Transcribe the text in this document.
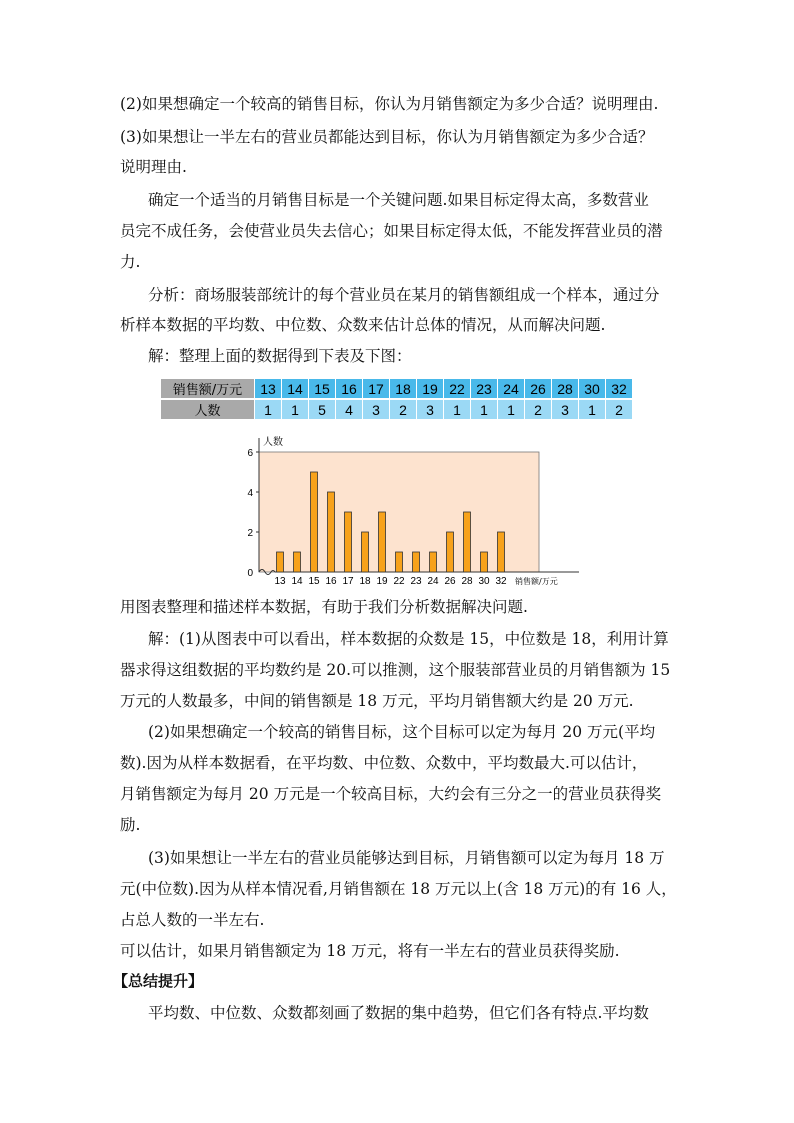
(2)如果想确定一个较高的销售目标，你认为月销售额定为多少合适？说明理由.
(3)如果想让一半左右的营业员都能达到目标，你认为月销售额定为多少合适？
说明理由.
确定一个适当的月销售目标是一个关键问题.如果目标定得太高，多数营业
员完不成任务，会使营业员失去信心；如果目标定得太低，不能发挥营业员的潜
力.
分析：商场服装部统计的每个营业员在某月的销售额组成一个样本，通过分
析样本数据的平均数、中位数、众数来估计总体的情况，从而解决问题.
解：整理上面的数据得到下表及下图：
销售额/万元	13	14	15	16	17	18	19	22	23	24	26	28	30	32
人数	1	1	5	4	3	2	3	1	1	1	2	3	1	2
0
2
4
6
人数
13 14 15 16 17 18 19 22 23 24 26 28 30 32 销售额/万元
用图表整理和描述样本数据，有助于我们分析数据解决问题.
解：(1)从图表中可以看出，样本数据的众数是 15，中位数是 18，利用计算
器求得这组数据的平均数约是 20.可以推测，这个服装部营业员的月销售额为 15
万元的人数最多，中间的销售额是 18 万元，平均月销售额大约是 20 万元.
(2)如果想确定一个较高的销售目标，这个目标可以定为每月 20 万元(平均
数).因为从样本数据看，在平均数、中位数、众数中，平均数最大.可以估计，
月销售额定为每月 20 万元是一个较高目标，大约会有三分之一的营业员获得奖
励.
(3)如果想让一半左右的营业员能够达到目标，月销售额可以定为每月 18 万
元(中位数).因为从样本情况看,月销售额在 18 万元以上(含 18 万元)的有 16 人，
占总人数的一半左右.
可以估计，如果月销售额定为 18 万元，将有一半左右的营业员获得奖励.
【总结提升】
平均数、中位数、众数都刻画了数据的集中趋势，但它们各有特点.平均数
